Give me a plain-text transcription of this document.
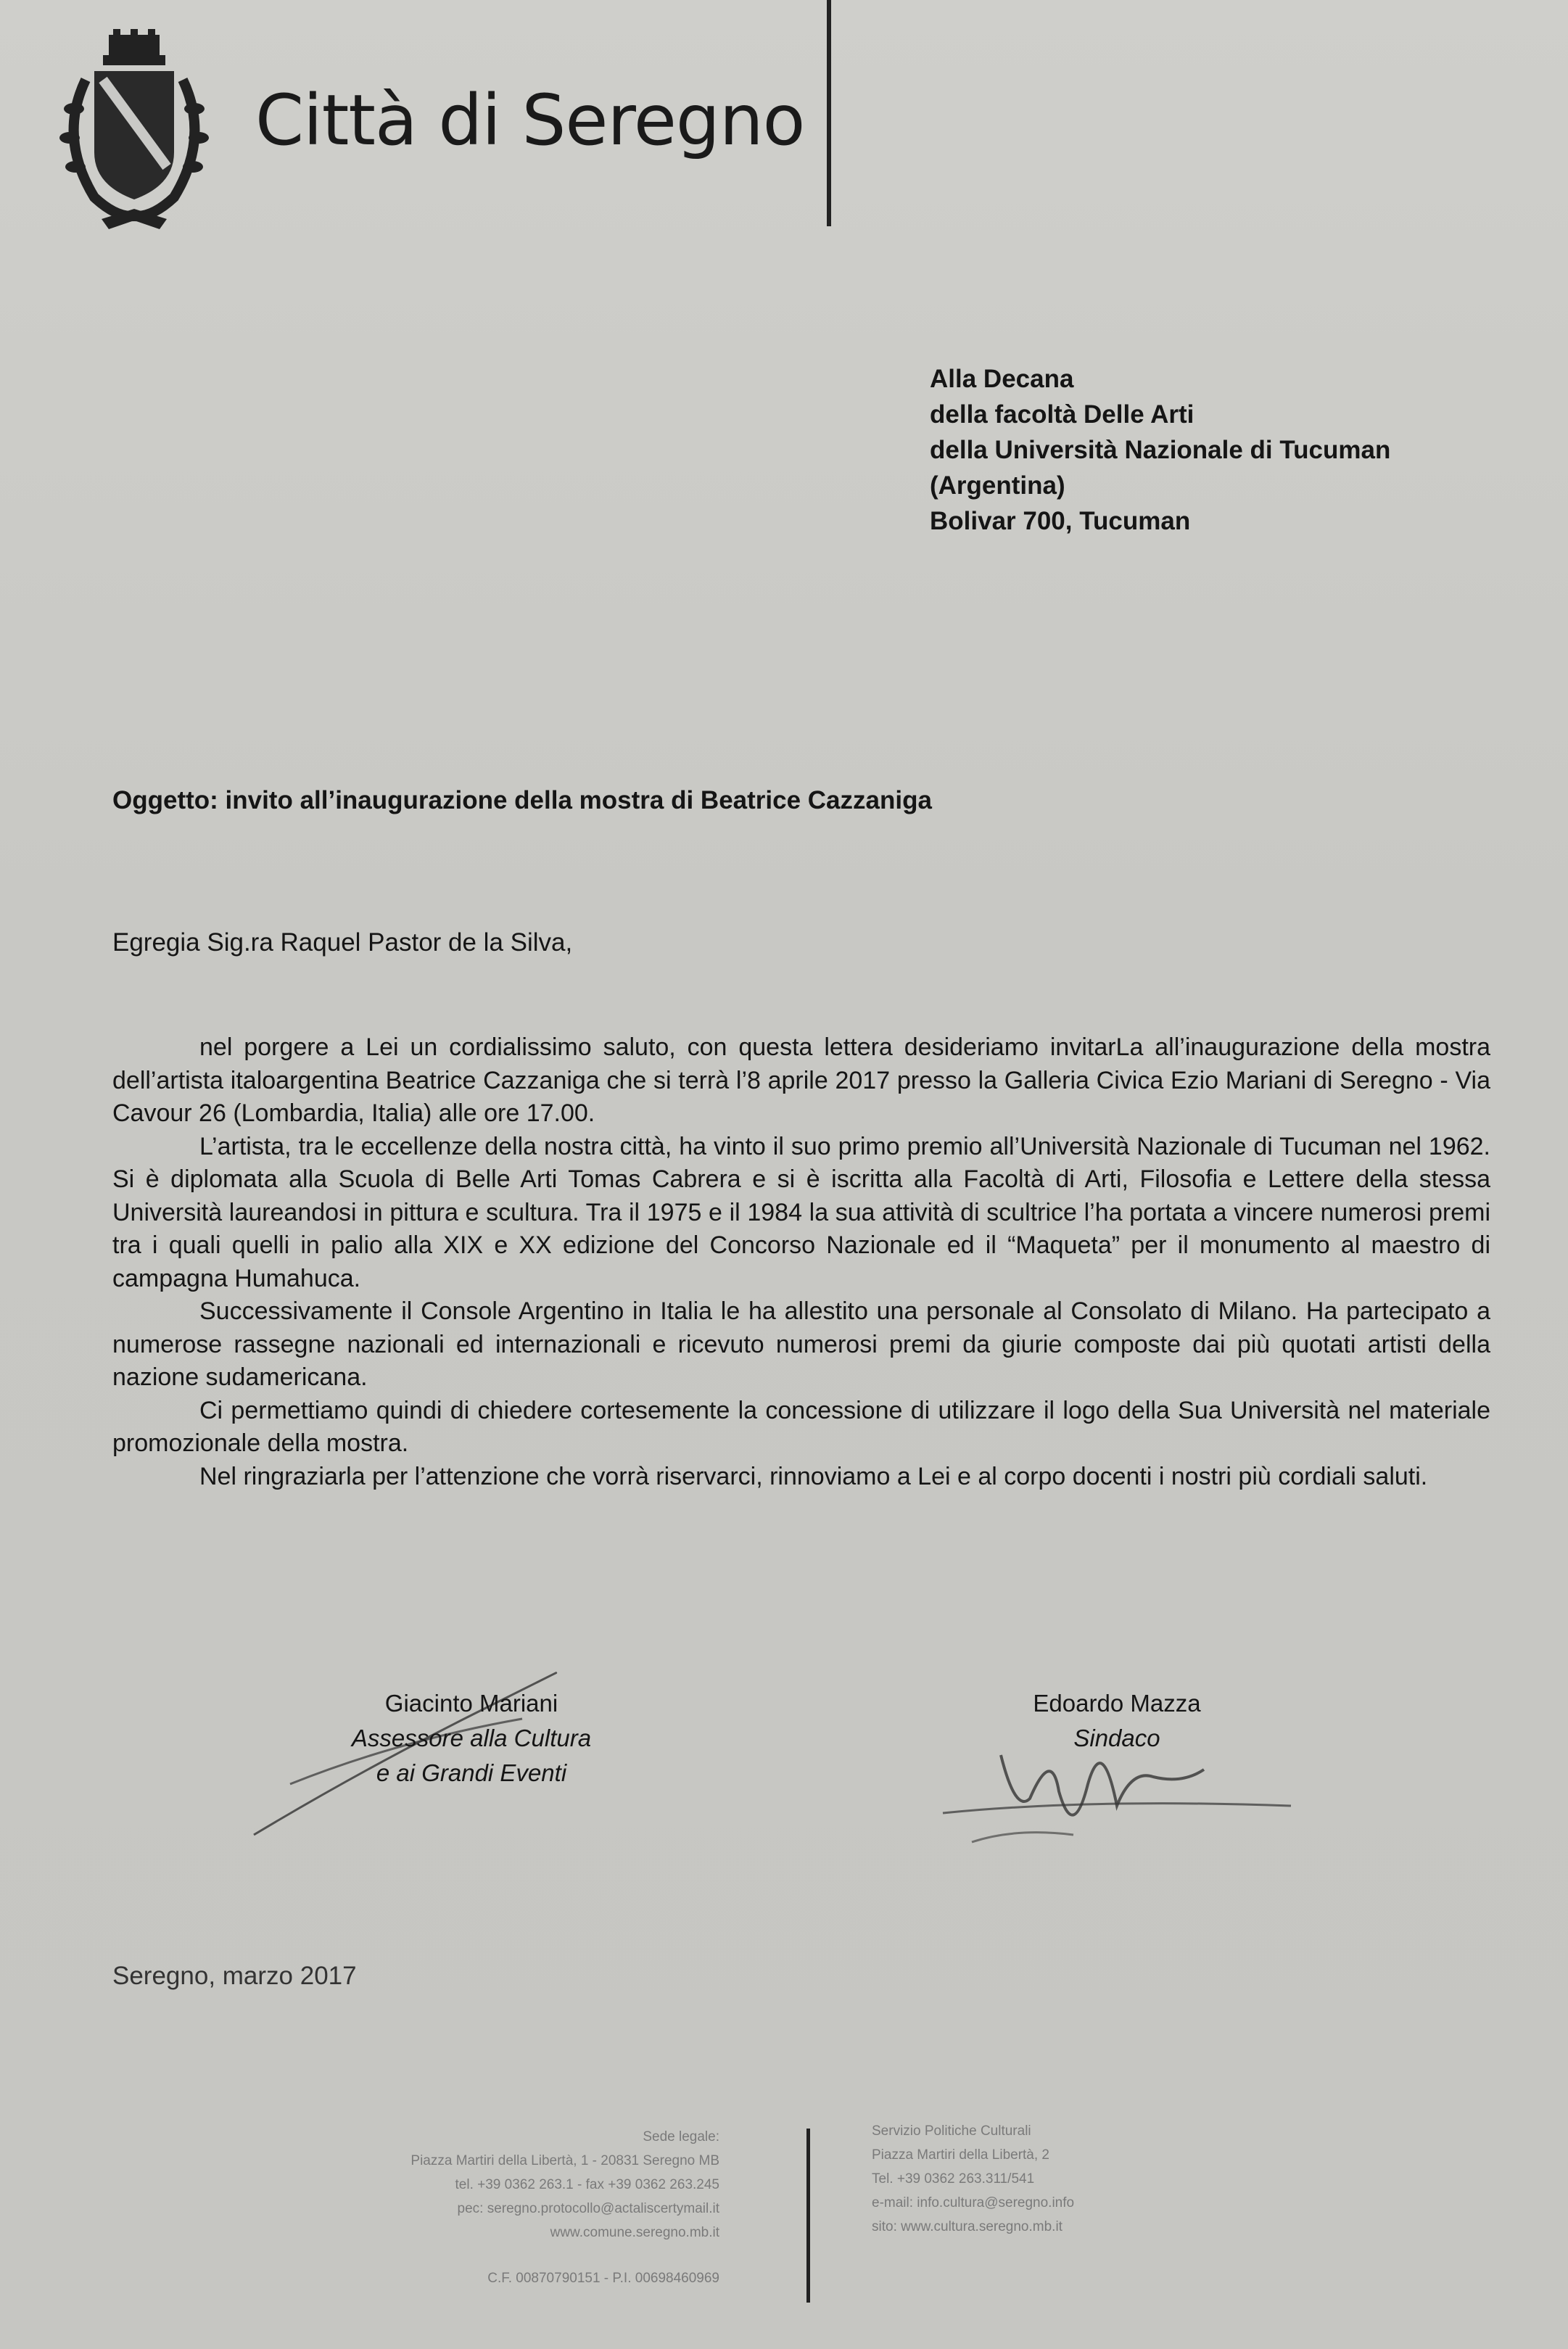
Città di Seregno
Alla Decana
della facoltà Delle Arti
della Università Nazionale di Tucuman
(Argentina)
Bolivar 700, Tucuman
Oggetto: invito all’inaugurazione della mostra di Beatrice Cazzaniga
Egregia Sig.ra Raquel Pastor de la Silva,

nel porgere a Lei un cordialissimo saluto, con questa lettera desideriamo invitarLa all’inaugurazione della mostra dell’artista italoargentina Beatrice Cazzaniga che si terrà l’8 aprile 2017 presso la Galleria Civica Ezio Mariani di Seregno - Via Cavour 26 (Lombardia, Italia) alle ore 17.00.

L’artista, tra le eccellenze della nostra città, ha vinto il suo primo premio all’Università Nazionale di Tucuman nel 1962. Si è diplomata alla Scuola di Belle Arti Tomas Cabrera e si è iscritta alla Facoltà di Arti, Filosofia e Lettere della stessa Università laureandosi in pittura e scultura. Tra il 1975 e il 1984 la sua attività di scultrice l’ha portata a vincere numerosi premi tra i quali quelli in palio alla XIX e XX edizione del Concorso Nazionale ed il “Maqueta” per il monumento al maestro di campagna Humahuca.

Successivamente il Console Argentino in Italia le ha allestito una personale al Consolato di Milano. Ha partecipato a numerose rassegne nazionali ed internazionali e ricevuto numerosi premi da giurie composte dai più quotati artisti della nazione sudamericana.

Ci permettiamo quindi di chiedere cortesemente la concessione di utilizzare il logo della Sua Università nel materiale promozionale della mostra.

Nel ringraziarla per l’attenzione che vorrà riservarci, rinnoviamo a Lei e al corpo docenti i nostri più cordiali saluti.

Giacinto Mariani
Assessore alla Cultura
e ai Grandi Eventi
Edoardo Mazza
Sindaco
Seregno, marzo 2017
Sede legale:
Piazza Martiri della Libertà, 1 - 20831 Seregno MB
tel. +39 0362 263.1 - fax +39 0362 263.245
pec: seregno.protocollo@actaliscertymail.it
www.comune.seregno.mb.it
C.F. 00870790151 - P.I. 00698460969
Servizio Politiche Culturali
Piazza Martiri della Libertà, 2
Tel. +39 0362 263.311/541
e-mail: info.cultura@seregno.info
sito: www.cultura.seregno.mb.it
